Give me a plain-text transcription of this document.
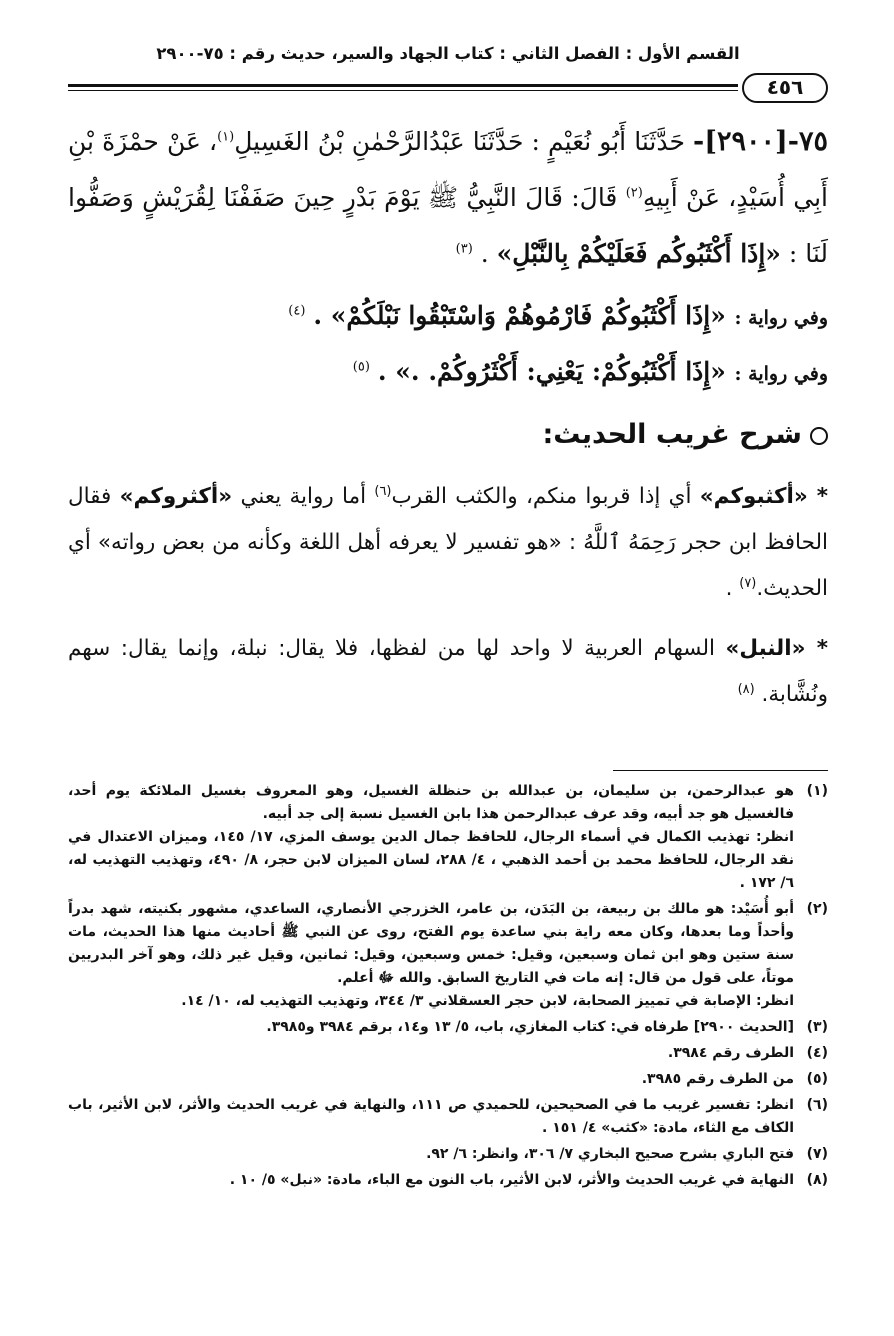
القسم الأول : الفصل الثاني : كتاب الجهاد والسير، حديث رقم : ٧٥-٢٩٠٠
٤٥٦
٧٥-[٢٩٠٠]- حَدَّثَنَا أَبُو نُعَيْمٍ : حَدَّثَنَا عَبْدُالرَّحْمٰنِ بْنُ الغَسِيلِ$^{(١)}$، عَنْ حمْزَةَ بْنِ أَبِي أُسَيْدٍ، عَنْ أَبِيهِ$^{(٢)}$ قَالَ: قَالَ النَّبِيُّ ﷺ يَوْمَ بَدْرٍ حِينَ صَفَفْنَا لِقُرَيْشٍ وَصَفُّوا لَنَا : «إِذَا أَكْثَبُوكُم فَعَلَيْكُمْ بِالنَّبْلِ» . $^{(٣)}$
وفي رواية : «إِذَا أَكْثَبُوكُمْ فَارْمُوهُمْ وَاسْتَبْقُوا نَبْلَكُمْ» . $^{(٤)}$
وفي رواية : «إِذَا أَكْثَبُوكُمْ: يَعْنِي: أَكْثَرُوكُمْ. .» . $^{(٥)}$
شرح غريب الحديث:
* «أكثبوكم» أي إذا قربوا منكم، والكثب القرب$^{(٦)}$ أما رواية يعني «أكثروكم» فقال الحافظ ابن حجر رَحِمَهُ ٱللَّهُ : «هو تفسير لا يعرفه أهل اللغة وكأنه من بعض رواته» أي الحديث.$^{(٧)}$ .
* «النبل» السهام العربية لا واحد لها من لفظها، فلا يقال: نبلة، وإنما يقال: سهم ونُشَّابة. $^{(٨)}$
(١)
هو عبدالرحمن، بن سليمان، بن عبدالله بن حنظلة الغسيل، وهو المعروف بغسيل الملائكة يوم أحد، فالغسيل هو جد أبيه، وقد عرف عبدالرحمن هذا بابن الغسيل نسبة إلى جد أبيه.
انظر: تهذيب الكمال في أسماء الرجال، للحافظ جمال الدين يوسف المزي، ١٧/ ١٤٥، وميزان الاعتدال في نقد الرجال، للحافظ محمد بن أحمد الذهبي ، ٤/ ٢٨٨، لسان الميزان لابن حجر، ٨/ ٤٩٠، وتهذيب التهذيب له، ٦/ ١٧٢ .
(٢)
أبو أُسَيْد: هو مالك بن ربيعة، بن البَدَن، بن عامر، الخزرجي الأنصاري، الساعدي، مشهور بكنيته، شهد بدراً وأحداً وما بعدها، وكان معه راية بني ساعدة يوم الفتح، روى عن النبي ﷺ أحاديث منها هذا الحديث، مات سنة ستين وهو ابن ثمان وسبعين، وقيل: خمس وسبعين، وقيل: ثمانين، وقيل غير ذلك، وهو آخر البدريين موتاً، على قول من قال: إنه مات في التاريخ السابق. والله ﷻ أعلم.
انظر: الإصابة في تمييز الصحابة، لابن حجر العسقلاني ٣/ ٣٤٤، وتهذيب التهذيب له، ١٠/ ١٤.
(٣)
[الحديث ٢٩٠٠] طرفاه في: كتاب المغازي، باب، ٥/ ١٣ و١٤، برقم ٣٩٨٤ و٣٩٨٥.
(٤)
الطرف رقم ٣٩٨٤.
(٥)
من الطرف رقم ٣٩٨٥.
(٦)
انظر: تفسير غريب ما في الصحيحين، للحميدي ص ١١١، والنهاية في غريب الحديث والأثر، لابن الأثير، باب الكاف مع الثاء، مادة: «كثب» ٤/ ١٥١ .
(٧)
فتح الباري بشرح صحيح البخاري ٧/ ٣٠٦، وانظر: ٦/ ٩٢.
(٨)
النهاية في غريب الحديث والأثر، لابن الأثير، باب النون مع الباء، مادة: «نبل» ٥/ ١٠ .
